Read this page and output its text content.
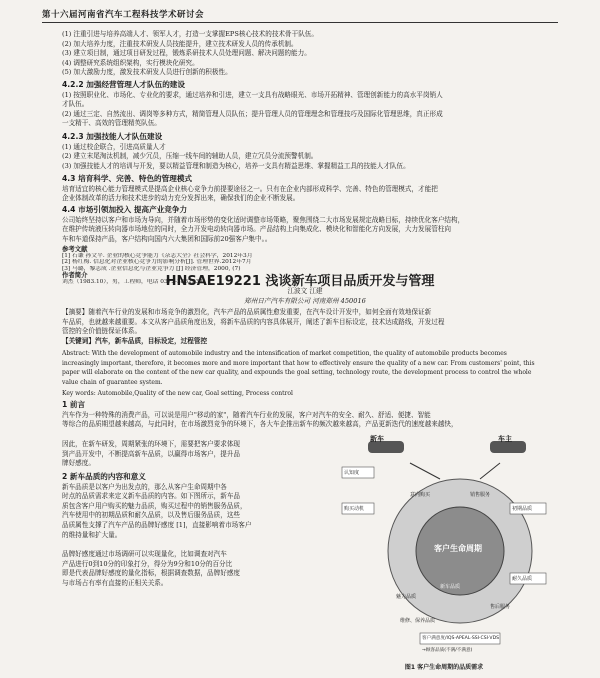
第十六届河南省汽车工程科技学术研讨会
(1) 注重引进与培养高端人才、领军人才，打造一支掌握EPS核心技术的技术骨干队伍。
(2) 加大培养力度，注重技术研发人员技能提升，建立技术研发人员的传承机制。
(3) 建立项目制，通过项目研发过程，锻炼系研技术人员处理问题、解决问题的能力。
(4) 调整研究系统组织架构，实行模块化研究。
(5) 加大激励力度，激发技术研发人员进行创新的积极性。
4.2.2 加强经营管理人才队伍的建设
(1) 按照职业化、市场化、专业化的要求，通过培养和引进，建立一支具有战略眼光、市场开拓精神、管理创新能力的高水平岗销人
才队伍。
(2) 通过三定、自然流出、调岗等多种方式，精简管理人员队伍；提升管理人员的管理理念和管理技巧及国际化管理思维，真正形成
一支精干、高效的管理精英队伍。
4.2.3 加强技能人才队伍建设
(1) 通过校企联合，引进高质量人才
(2) 建立末尾淘汰机制，减少冗员，压缩一线车间的辅助人员，建立冗员分流预警机制。
(3) 加强技能人才的培训与开发，要以精益管理和制造为核心，培养一支具有精益思维、掌握精益工具的技能人才队伍。
4.3 培育科学、完善、特色的管理模式
培育适宜的核心能力管理模式是提高企业核心竞争力前提要途径之一。只有在企业内部形成科学、完善、特色的管理模式，才能把
企业体制改革的活力和技术进步的动力充分发挥出来，确保我们的企业不断发展。
4.4 市场引领加投入 提高产业竞争力
公司始终坚持以客户和市场为导向，并随着市场形势的变化适时调整市场策略，聚焦围绕二大市场发展规定战略目标，持续优化客户结构，
在维护传统液压转向器市场地位的同时，全力开发电动转向器市场。产品结构上向集成化、模块化和智能化方向发展，大力发展管柱向
车和车道保持产品，客户结构向国内六大集团和国际前20强客户集中。。
HNSAE19221 浅谈新车项目品质开发与管理
江波文 江建
郑州日产汽车有限公司 河南郑州 450016
【摘要】随着汽车行业的发展和市场竞争的激烈化，汽车产品的品质属性愈发重要，在汽车设计开发中，如何全面有效地保证新
车品质，也就越来越重要。本文从客户品质角度出发，将新车品质的内容具体展开，阐述了新车目标设定，技术达成路线，开发过程
管控的全价值链保证体系。
【关键词】汽车，新车品质，目标设定，过程管控
Abstract: With the development of automobile industry and the intensification of market competition, the quality of automobile products becomes
increasingly important, therefore, it becomes more and more important that how to effectively ensure the quality of a new car. From customers' point, this
paper will elaborate on the content of the new car quality, and expounds the goal setting, technology route, the development process to control the whole
value chain of guarantee system.
Key words: Automobile,Quality of the new car, Goal setting, Process control
1 前言
汽车作为一种特殊的消费产品，可以说是用户"移动的家"，随着汽车行业的发展，客户对汽车的安全、耐久、舒适、便捷、智能
等综合的品质期望越来越高，与此同时，在市场激烈竞争的环境下，各大车企推出新车的频次越来越高，产品更新迭代的速度越来越快，
因此，在新车研发，周期紧张的环境下，需要把客户要求体现
到产品开发中，不断提高新车品质，以赢得市场客户，提升品
牌好感度。
2 新车品质的内容和意义
新车品质是以客户为出发点的，那么从客户生命周期中各
时点的品质需求来定义新车品质的内容。如下图所示，新车品
质包含客户用户购买的魅力品质，购买过程中的销售服务品质，
汽车使用中的初期品质和耐久品质，以及售后服务品质，这些
品质属性支撑了汽车产品的品牌好感度 [1]，直接影响着市场客户
的维持量和扩大量。
品牌好感度通过市场调研可以实现量化，比如调查对汽车
产品进行0到10分的印象打分，得分为9分和10分的百分比
即是代表品牌好感度的量化指标，根据调查数据，品牌好感度
与市场占有率有直接的正相关关系。
新车	车主
认知度
购买动机
意向购买	销售服务
初期品质
魅力品质
耐久品质
售后服务
新车品质
维修、保养品质
客户生命周期
客户满意度/IQS·APEAL·SSI·CSI·VDS
→顾客品质(不满/不满意)
图1 客户生命周期的品质需求
参考文献
[1] 石谦 孙文平. 企业的核心竞争能力《杂志大全》社会科学，2012年3月
[2] 杨红梅. 信息化对企业核心竞争力的影响分析[J]. 管理世界.2012年7月
[3] 马璐，黎志成 .企业信息化与企业竞争力 [J] 经济管理，2000, (7)
作者简介
刘杰（1983.10），男，工程师，电话 0373-3862932。
